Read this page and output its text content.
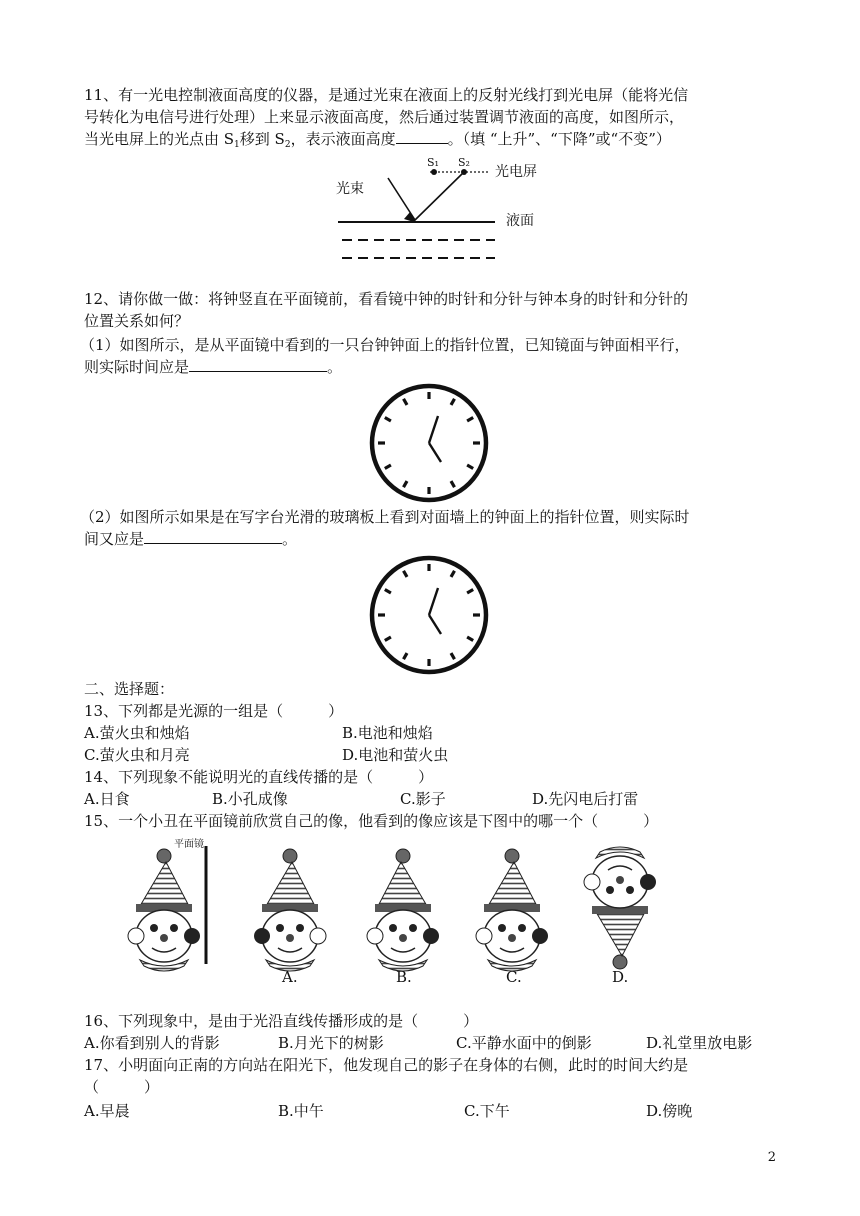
11、有一光电控制液面高度的仪器，是通过光束在液面上的反射光线打到光电屏（能将光信
号转化为电信号进行处理）上来显示液面高度，然后通过装置调节液面的高度，如图所示，
当光电屏上的光点由 $S_1$移到 $S_2$，表示液面高度	。（填 “上升”、“下降”或“不变”）
光束
光电屏
液面
S₁ S₂
12、请你做一做：将钟竖直在平面镜前，看看镜中钟的时针和分针与钟本身的时针和分针的
位置关系如何？
（1）如图所示，是从平面镜中看到的一只台钟钟面上的指针位置，已知镜面与钟面相平行，
则实际时间应是	。
（2）如图所示如果是在写字台光滑的玻璃板上看到对面墙上的钟面上的指针位置，则实际时
间又应是	。
二、选择题：
13、下列都是光源的一组是（　　　）
A.萤火虫和烛焰	B.电池和烛焰
C.萤火虫和月亮	D.电池和萤火虫
14、下列现象不能说明光的直线传播的是（　　　）
A.日食	B.小孔成像	C.影子	D.先闪电后打雷
15、一个小丑在平面镜前欣赏自己的像，他看到的像应该是下图中的哪一个（　　　）
平面镜
A.	B.	C.	D.
16、下列现象中，是由于光沿直线传播形成的是（　　　）
A.你看到别人的背影	B.月光下的树影	C.平静水面中的倒影	D.礼堂里放电影
17、小明面向正南的方向站在阳光下，他发现自己的影子在身体的右侧，此时的时间大约是
（　　　）
A.早晨	B.中午	C.下午	D.傍晚
2
